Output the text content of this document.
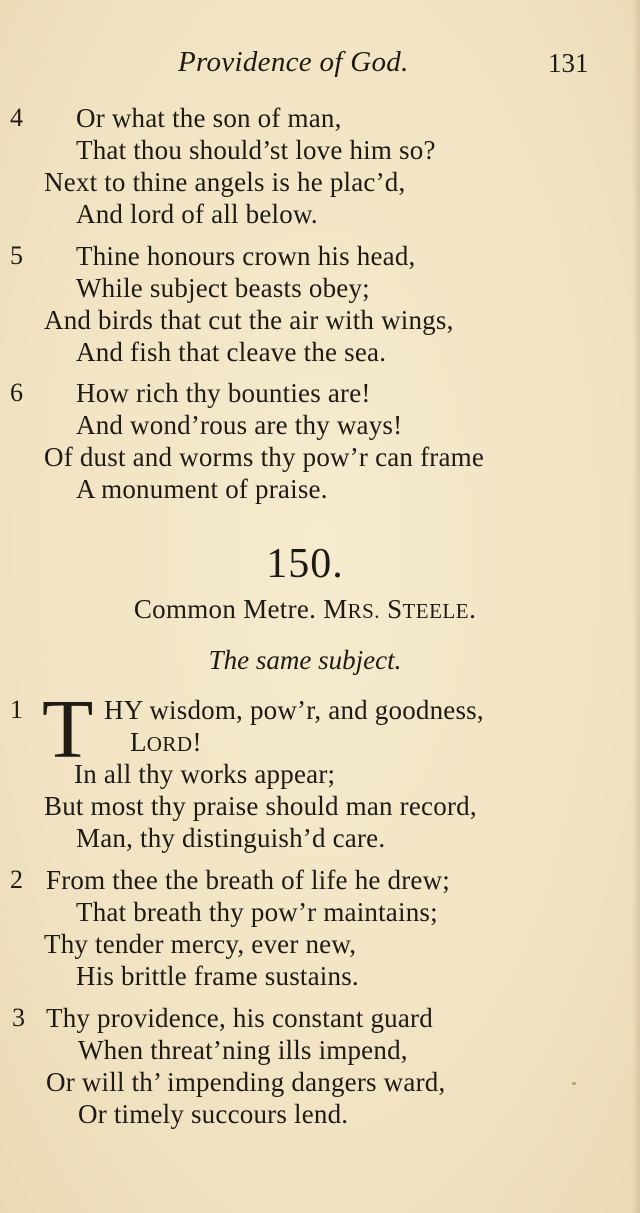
Providence of God.	131
4 Or what the son of man,
That thou should’st love him so?
Next to thine angels is he plac’d,
And lord of all below.
5 Thine honours crown his head,
While subject beasts obey;
And birds that cut the air with wings,
And fish that cleave the sea.
6 How rich thy bounties are!
And wond’rous are thy ways!
Of dust and worms thy pow’r can frame
A monument of praise.
150.
Common Metre. MRS. STEELE.
The same subject.
1 T HY wisdom, pow’r, and goodness,
LORD!
In all thy works appear;
But most thy praise should man record,
Man, thy distinguish’d care.
2 From thee the breath of life he drew;
That breath thy pow’r maintains;
Thy tender mercy, ever new,
His brittle frame sustains.
3 Thy providence, his constant guard
When threat’ning ills impend,
Or will th’ impending dangers ward,
Or timely succours lend.
